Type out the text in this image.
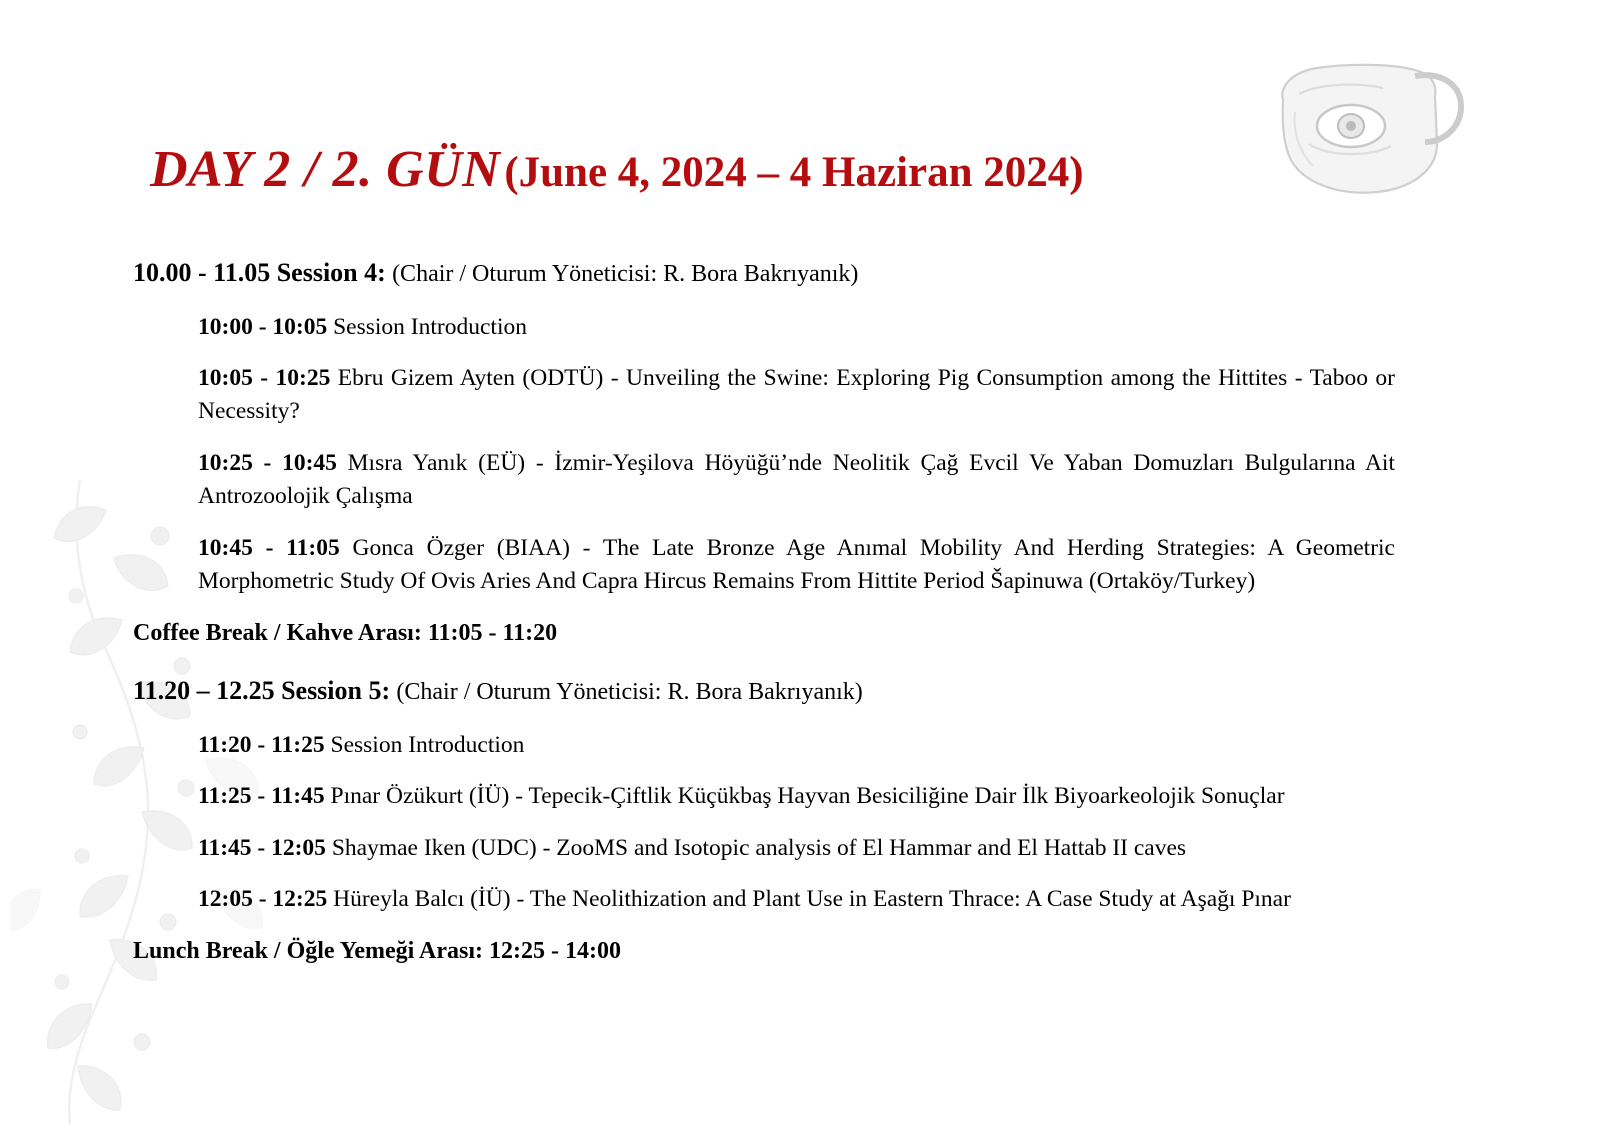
DAY 2 / 2. GÜN (June 4, 2024 – 4 Haziran 2024)
10.00 - 11.05 Session 4: (Chair / Oturum Yöneticisi: R. Bora Bakrıyanık)

10:00 - 10:05 Session Introduction

10:05 - 10:25 Ebru Gizem Ayten (ODTÜ) - Unveiling the Swine: Exploring Pig Consumption among the Hittites - Taboo or Necessity?

10:25 - 10:45 Mısra Yanık (EÜ) - İzmir-Yeşilova Höyüğü’nde Neolitik Çağ Evcil Ve Yaban Domuzları Bulgularına Ait Antrozoolojik Çalışma

10:45 - 11:05 Gonca Özger (BIAA) - The Late Bronze Age Anımal Mobility And Herding Strategies: A Geometric Morphometric Study Of Ovis Aries And Capra Hircus Remains From Hittite Period Šapinuwa (Ortaköy/Turkey)

Coffee Break / Kahve Arası: 11:05 - 11:20

11.20 – 12.25 Session 5: (Chair / Oturum Yöneticisi: R. Bora Bakrıyanık)

11:20 - 11:25 Session Introduction

11:25 - 11:45 Pınar Özükurt (İÜ) - Tepecik-Çiftlik Küçükbaş Hayvan Besiciliğine Dair İlk Biyoarkeolojik Sonuçlar

11:45 - 12:05 Shaymae Iken (UDC) - ZooMS and Isotopic analysis of El Hammar and El Hattab II caves

12:05 - 12:25 Hüreyla Balcı (İÜ) - The Neolithization and Plant Use in Eastern Thrace: A Case Study at Aşağı Pınar

Lunch Break / Öğle Yemeği Arası: 12:25 - 14:00
